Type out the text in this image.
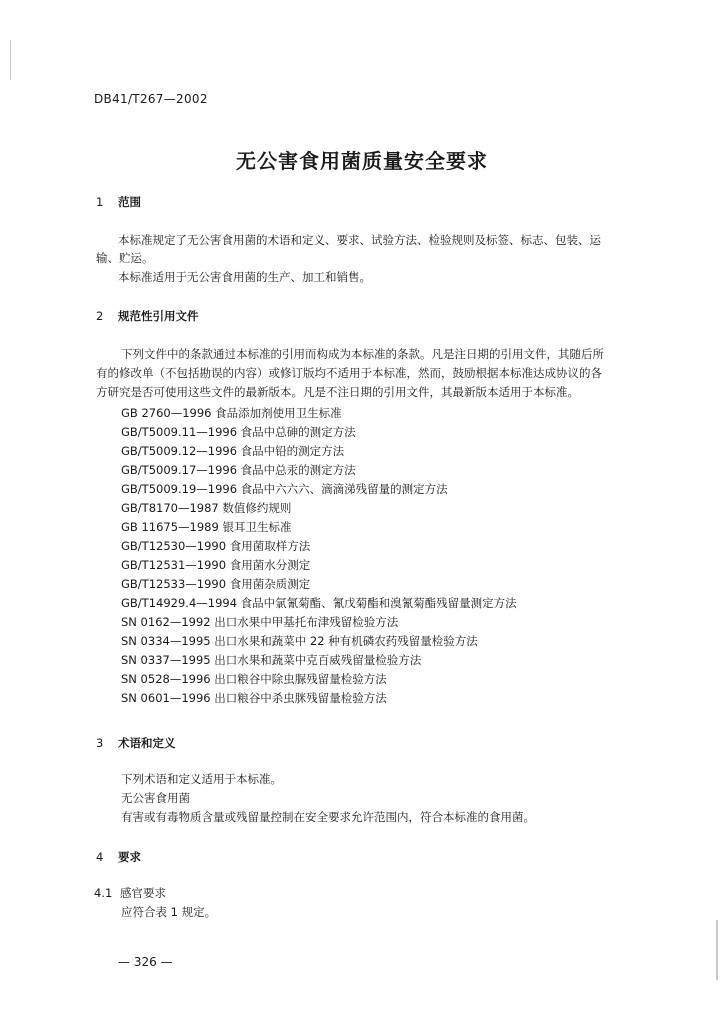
DB41/T267—2002
无公害食用菌质量安全要求
1 范围
本标准规定了无公害食用菌的术语和定义、要求、试验方法、检验规则及标签、标志、包装、运
输、贮运。
本标准适用于无公害食用菌的生产、加工和销售。
2 规范性引用文件
下列文件中的条款通过本标准的引用而构成为本标准的条款。凡是注日期的引用文件，其随后所
有的修改单（不包括勘误的内容）或修订版均不适用于本标准，然而，鼓励根据本标准达成协议的各
方研究是否可使用这些文件的最新版本。凡是不注日期的引用文件，其最新版本适用于本标准。
GB 2760—1996 食品添加剂使用卫生标准
GB/T5009.11—1996 食品中总砷的测定方法
GB/T5009.12—1996 食品中铅的测定方法
GB/T5009.17—1996 食品中总汞的测定方法
GB/T5009.19—1996 食品中六六六、滴滴涕残留量的测定方法
GB/T8170—1987 数值修约规则
GB 11675—1989 银耳卫生标准
GB/T12530—1990 食用菌取样方法
GB/T12531—1990 食用菌水分测定
GB/T12533—1990 食用菌杂质测定
GB/T14929.4—1994 食品中氯氰菊酯、氰戊菊酯和溴氰菊酯残留量测定方法
SN 0162—1992 出口水果中甲基托布津残留检验方法
SN 0334—1995 出口水果和蔬菜中 22 种有机磷农药残留量检验方法
SN 0337—1995 出口水果和蔬菜中克百威残留量检验方法
SN 0528—1996 出口粮谷中除虫脲残留量检验方法
SN 0601—1996 出口粮谷中杀虫脒残留量检验方法
3 术语和定义
下列术语和定义适用于本标准。
无公害食用菌
有害或有毒物质含量或残留量控制在安全要求允许范围内，符合本标准的食用菌。
4 要求
4.1 感官要求
应符合表 1 规定。
— 326 —
